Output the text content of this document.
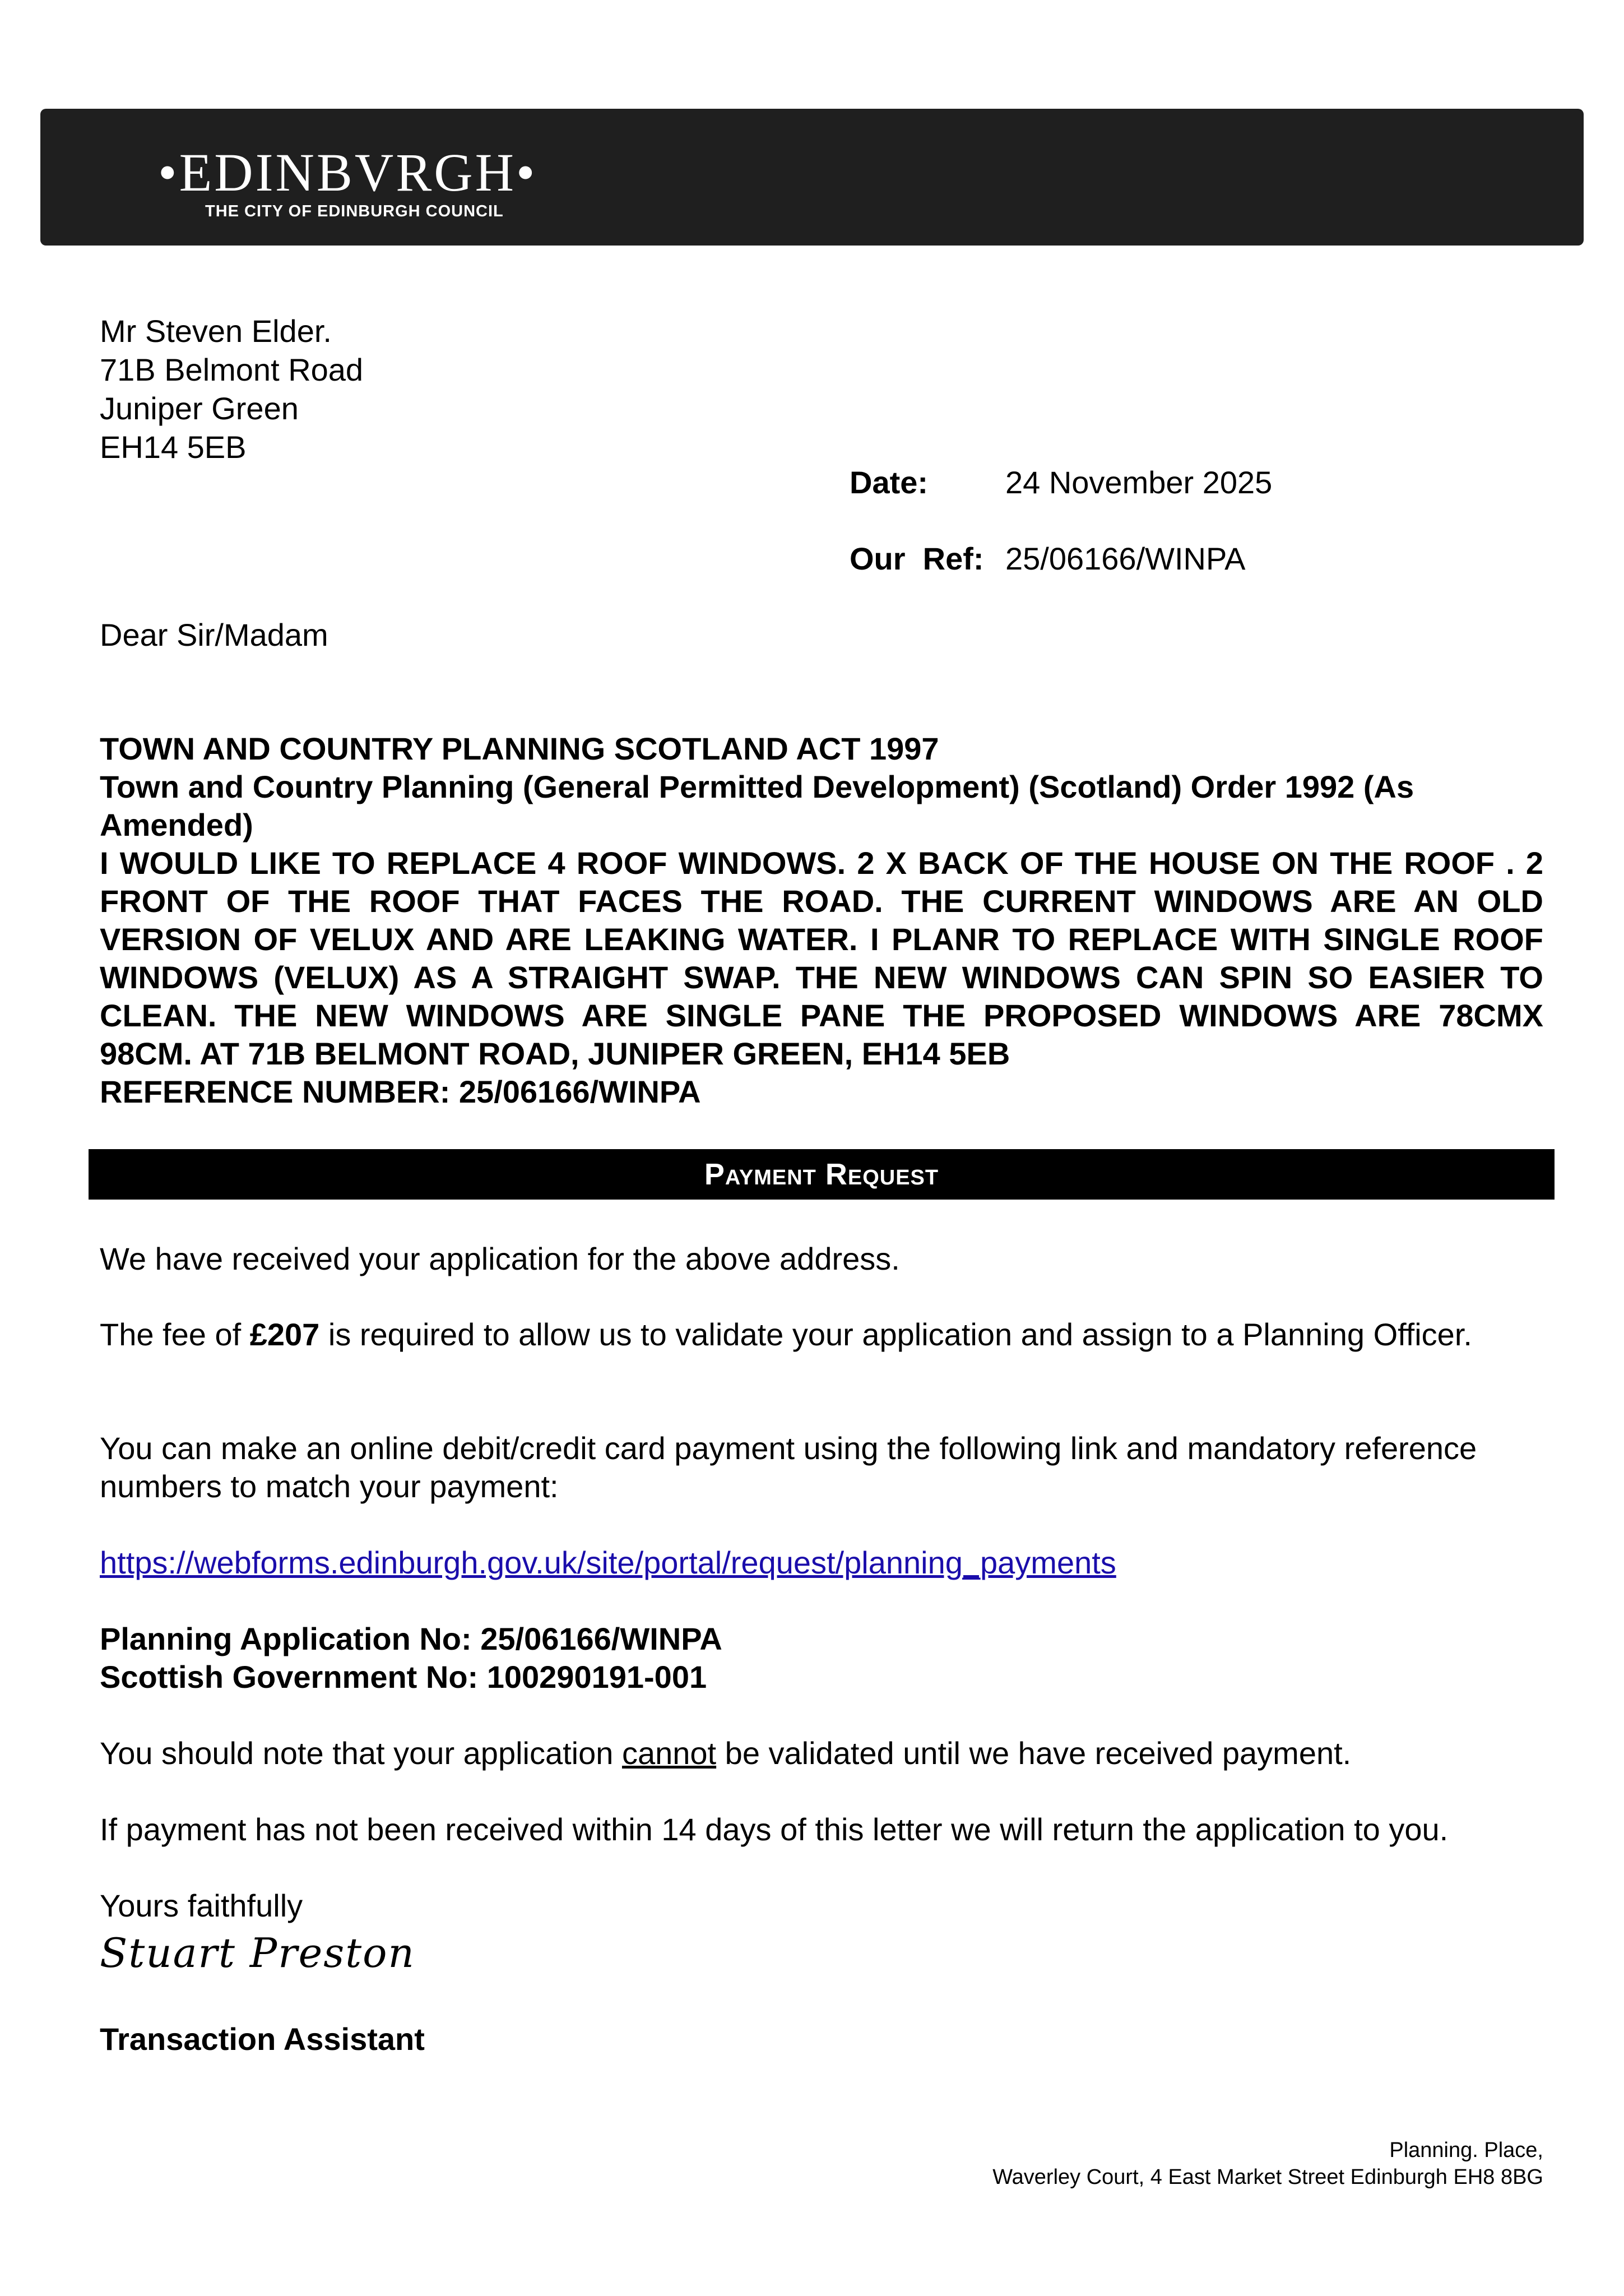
•EDINBVRGH•
THE CITY OF EDINBURGH COUNCIL
Mr Steven Elder.
71B Belmont Road
Juniper Green
EH14 5EB
Date: 24 November 2025
Our  Ref: 25/06166/WINPA
Dear Sir/Madam
TOWN AND COUNTRY PLANNING SCOTLAND ACT 1997
Town and Country Planning (General Permitted Development) (Scotland) Order 1992 (As Amended)
I WOULD LIKE TO REPLACE 4 ROOF WINDOWS. 2 X BACK OF THE HOUSE ON THE ROOF . 2 FRONT OF THE ROOF THAT FACES THE ROAD. THE CURRENT WINDOWS ARE AN OLD VERSION OF VELUX AND ARE LEAKING WATER. I PLANR TO REPLACE WITH SINGLE ROOF WINDOWS (VELUX) AS A STRAIGHT SWAP. THE NEW WINDOWS CAN SPIN SO EASIER TO CLEAN. THE NEW WINDOWS ARE SINGLE PANE THE PROPOSED WINDOWS ARE 78CMX 98CM. AT 71B BELMONT ROAD, JUNIPER GREEN, EH14 5EB
REFERENCE NUMBER: 25/06166/WINPA
Payment Request
We have received your application for the above address.
The fee of £207 is required to allow us to validate your application and assign to a Planning Officer.
You can make an online debit/credit card payment using the following link and mandatory reference numbers to match your payment:
https://webforms.edinburgh.gov.uk/site/portal/request/planning_payments
Planning Application No: 25/06166/WINPA
Scottish Government No: 100290191-001
You should note that your application cannot be validated until we have received payment.
If payment has not been received within 14 days of this letter we will return the application to you.
Yours faithfully
Stuart Preston
Transaction Assistant
Planning. Place,
Waverley Court, 4 East Market Street Edinburgh EH8 8BG
